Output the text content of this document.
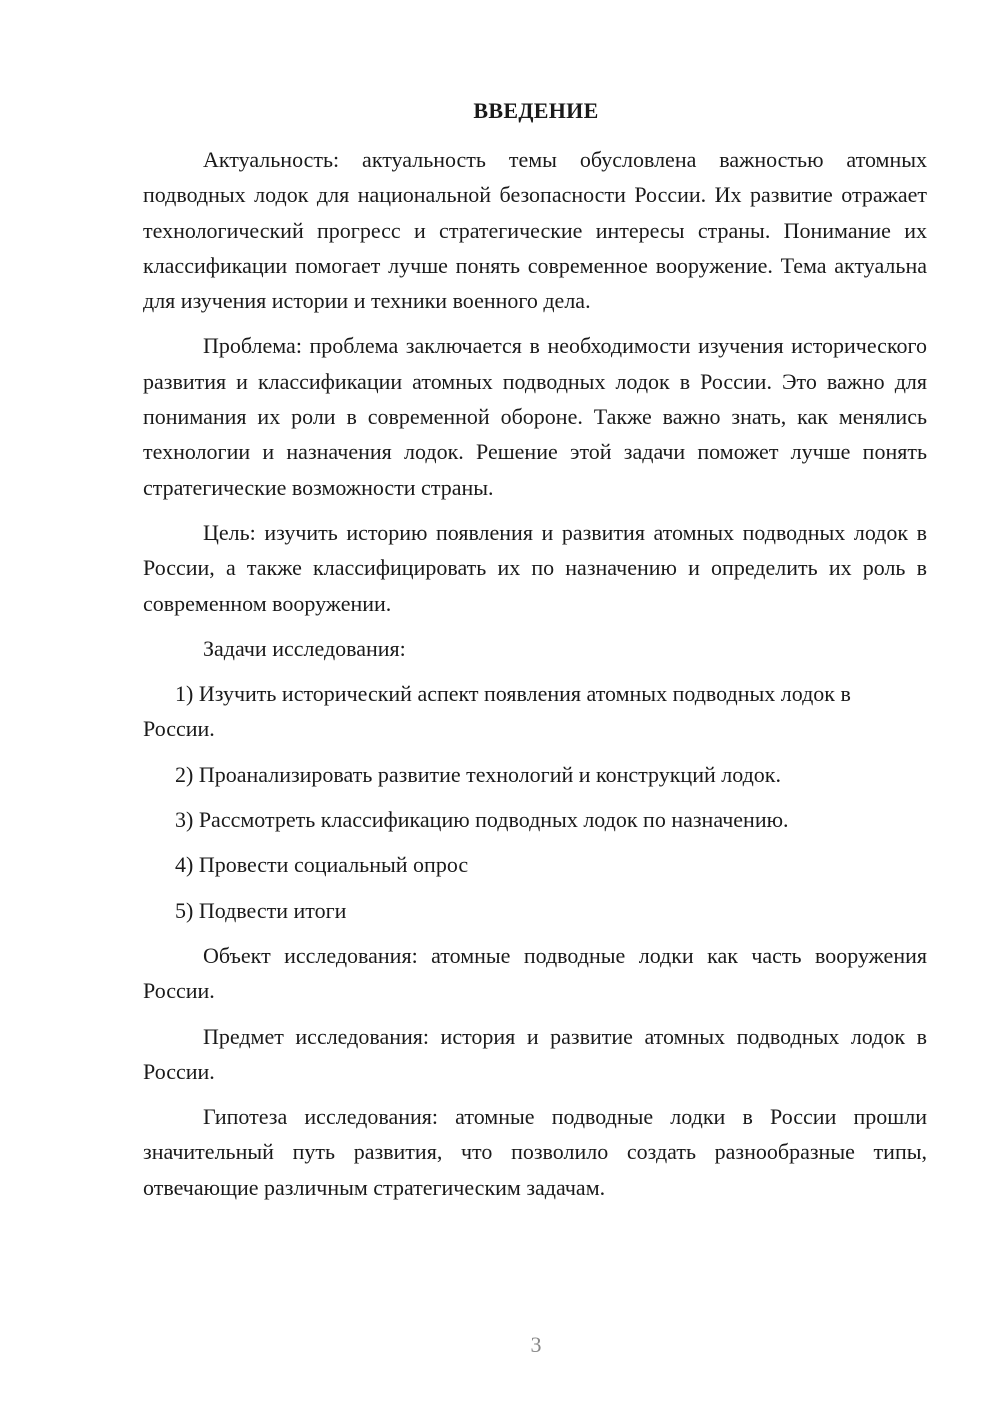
ВВЕДЕНИЕ

Актуальность: актуальность темы обусловлена важностью атомных подводных лодок для национальной безопасности России. Их развитие отражает технологический прогресс и стратегические интересы страны. Понимание их классификации помогает лучше понять современное вооружение. Тема актуальна для изучения истории и техники военного дела.

Проблема: проблема заключается в необходимости изучения исторического развития и классификации атомных подводных лодок в России. Это важно для понимания их роли в современной обороне. Также важно знать, как менялись технологии и назначения лодок. Решение этой задачи поможет лучше понять стратегические возможности страны.

Цель: изучить историю появления и развития атомных подводных лодок в России, а также классифицировать их по назначению и определить их роль в современном вооружении.

Задачи исследования:

1) Изучить исторический аспект появления атомных подводных лодок в России.

2) Проанализировать развитие технологий и конструкций лодок.

3) Рассмотреть классификацию подводных лодок по назначению.

4) Провести социальный опрос

5) Подвести итоги

Объект исследования: атомные подводные лодки как часть вооружения России.

Предмет исследования: история и развитие атомных подводных лодок в России.

Гипотеза исследования: атомные подводные лодки в России прошли значительный путь развития, что позволило создать разнообразные типы, отвечающие различным стратегическим задачам.

3
